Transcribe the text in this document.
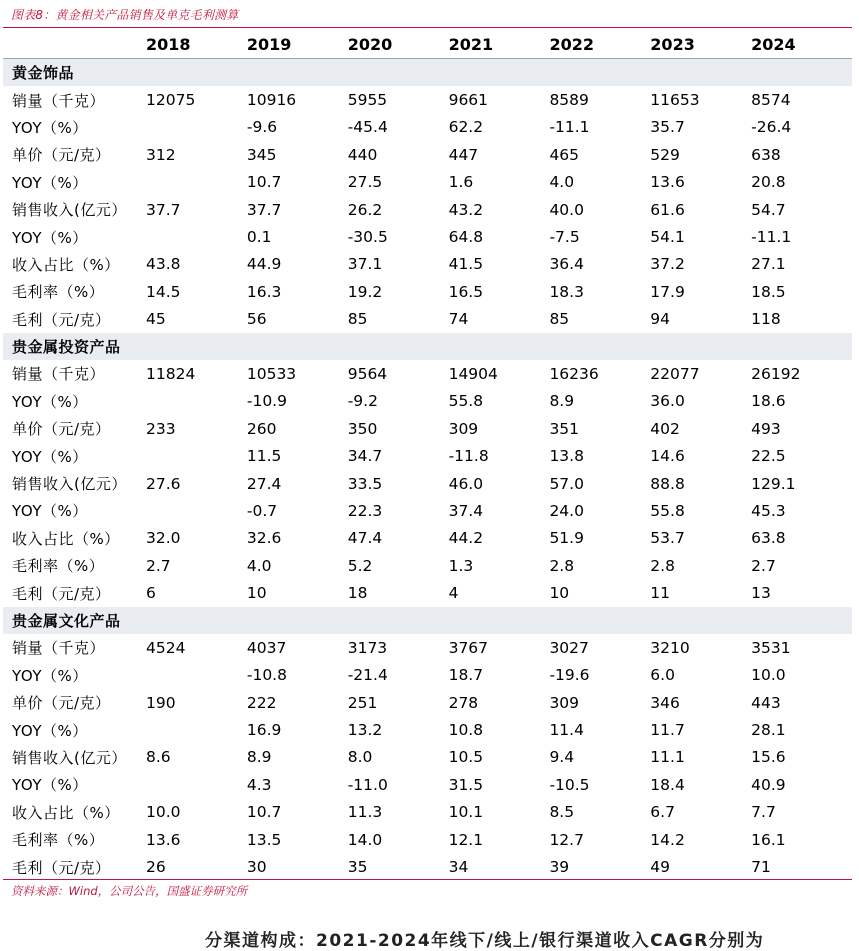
图表8：黄金相关产品销售及单克毛利测算
	2018	2019	2020	2021	2022	2023	2024
黄金饰品							
销量（千克）	12075	10916	5955	9661	8589	11653	8574
YOY（%）		-9.6	-45.4	62.2	-11.1	35.7	-26.4
单价（元/克）	312	345	440	447	465	529	638
YOY（%）		10.7	27.5	1.6	4.0	13.6	20.8
销售收入(亿元）	37.7	37.7	26.2	43.2	40.0	61.6	54.7
YOY（%）		0.1	-30.5	64.8	-7.5	54.1	-11.1
收入占比（%）	43.8	44.9	37.1	41.5	36.4	37.2	27.1
毛利率（%）	14.5	16.3	19.2	16.5	18.3	17.9	18.5
毛利（元/克）	45	56	85	74	85	94	118
贵金属投资产品							
销量（千克）	11824	10533	9564	14904	16236	22077	26192
YOY（%）		-10.9	-9.2	55.8	8.9	36.0	18.6
单价（元/克）	233	260	350	309	351	402	493
YOY（%）		11.5	34.7	-11.8	13.8	14.6	22.5
销售收入(亿元）	27.6	27.4	33.5	46.0	57.0	88.8	129.1
YOY（%）		-0.7	22.3	37.4	24.0	55.8	45.3
收入占比（%）	32.0	32.6	47.4	44.2	51.9	53.7	63.8
毛利率（%）	2.7	4.0	5.2	1.3	2.8	2.8	2.7
毛利（元/克）	6	10	18	4	10	11	13
贵金属文化产品							
销量（千克）	4524	4037	3173	3767	3027	3210	3531
YOY（%）		-10.8	-21.4	18.7	-19.6	6.0	10.0
单价（元/克）	190	222	251	278	309	346	443
YOY（%）		16.9	13.2	10.8	11.4	11.7	28.1
销售收入(亿元）	8.6	8.9	8.0	10.5	9.4	11.1	15.6
YOY（%）		4.3	-11.0	31.5	-10.5	18.4	40.9
收入占比（%）	10.0	10.7	11.3	10.1	8.5	6.7	7.7
毛利率（%）	13.6	13.5	14.0	12.1	12.7	14.2	16.1
毛利（元/克）	26	30	35	34	39	49	71
资料来源：Wind，公司公告，国盛证券研究所
分渠道构成：2021-2024年线下/线上/银行渠道收入CAGR分别为
